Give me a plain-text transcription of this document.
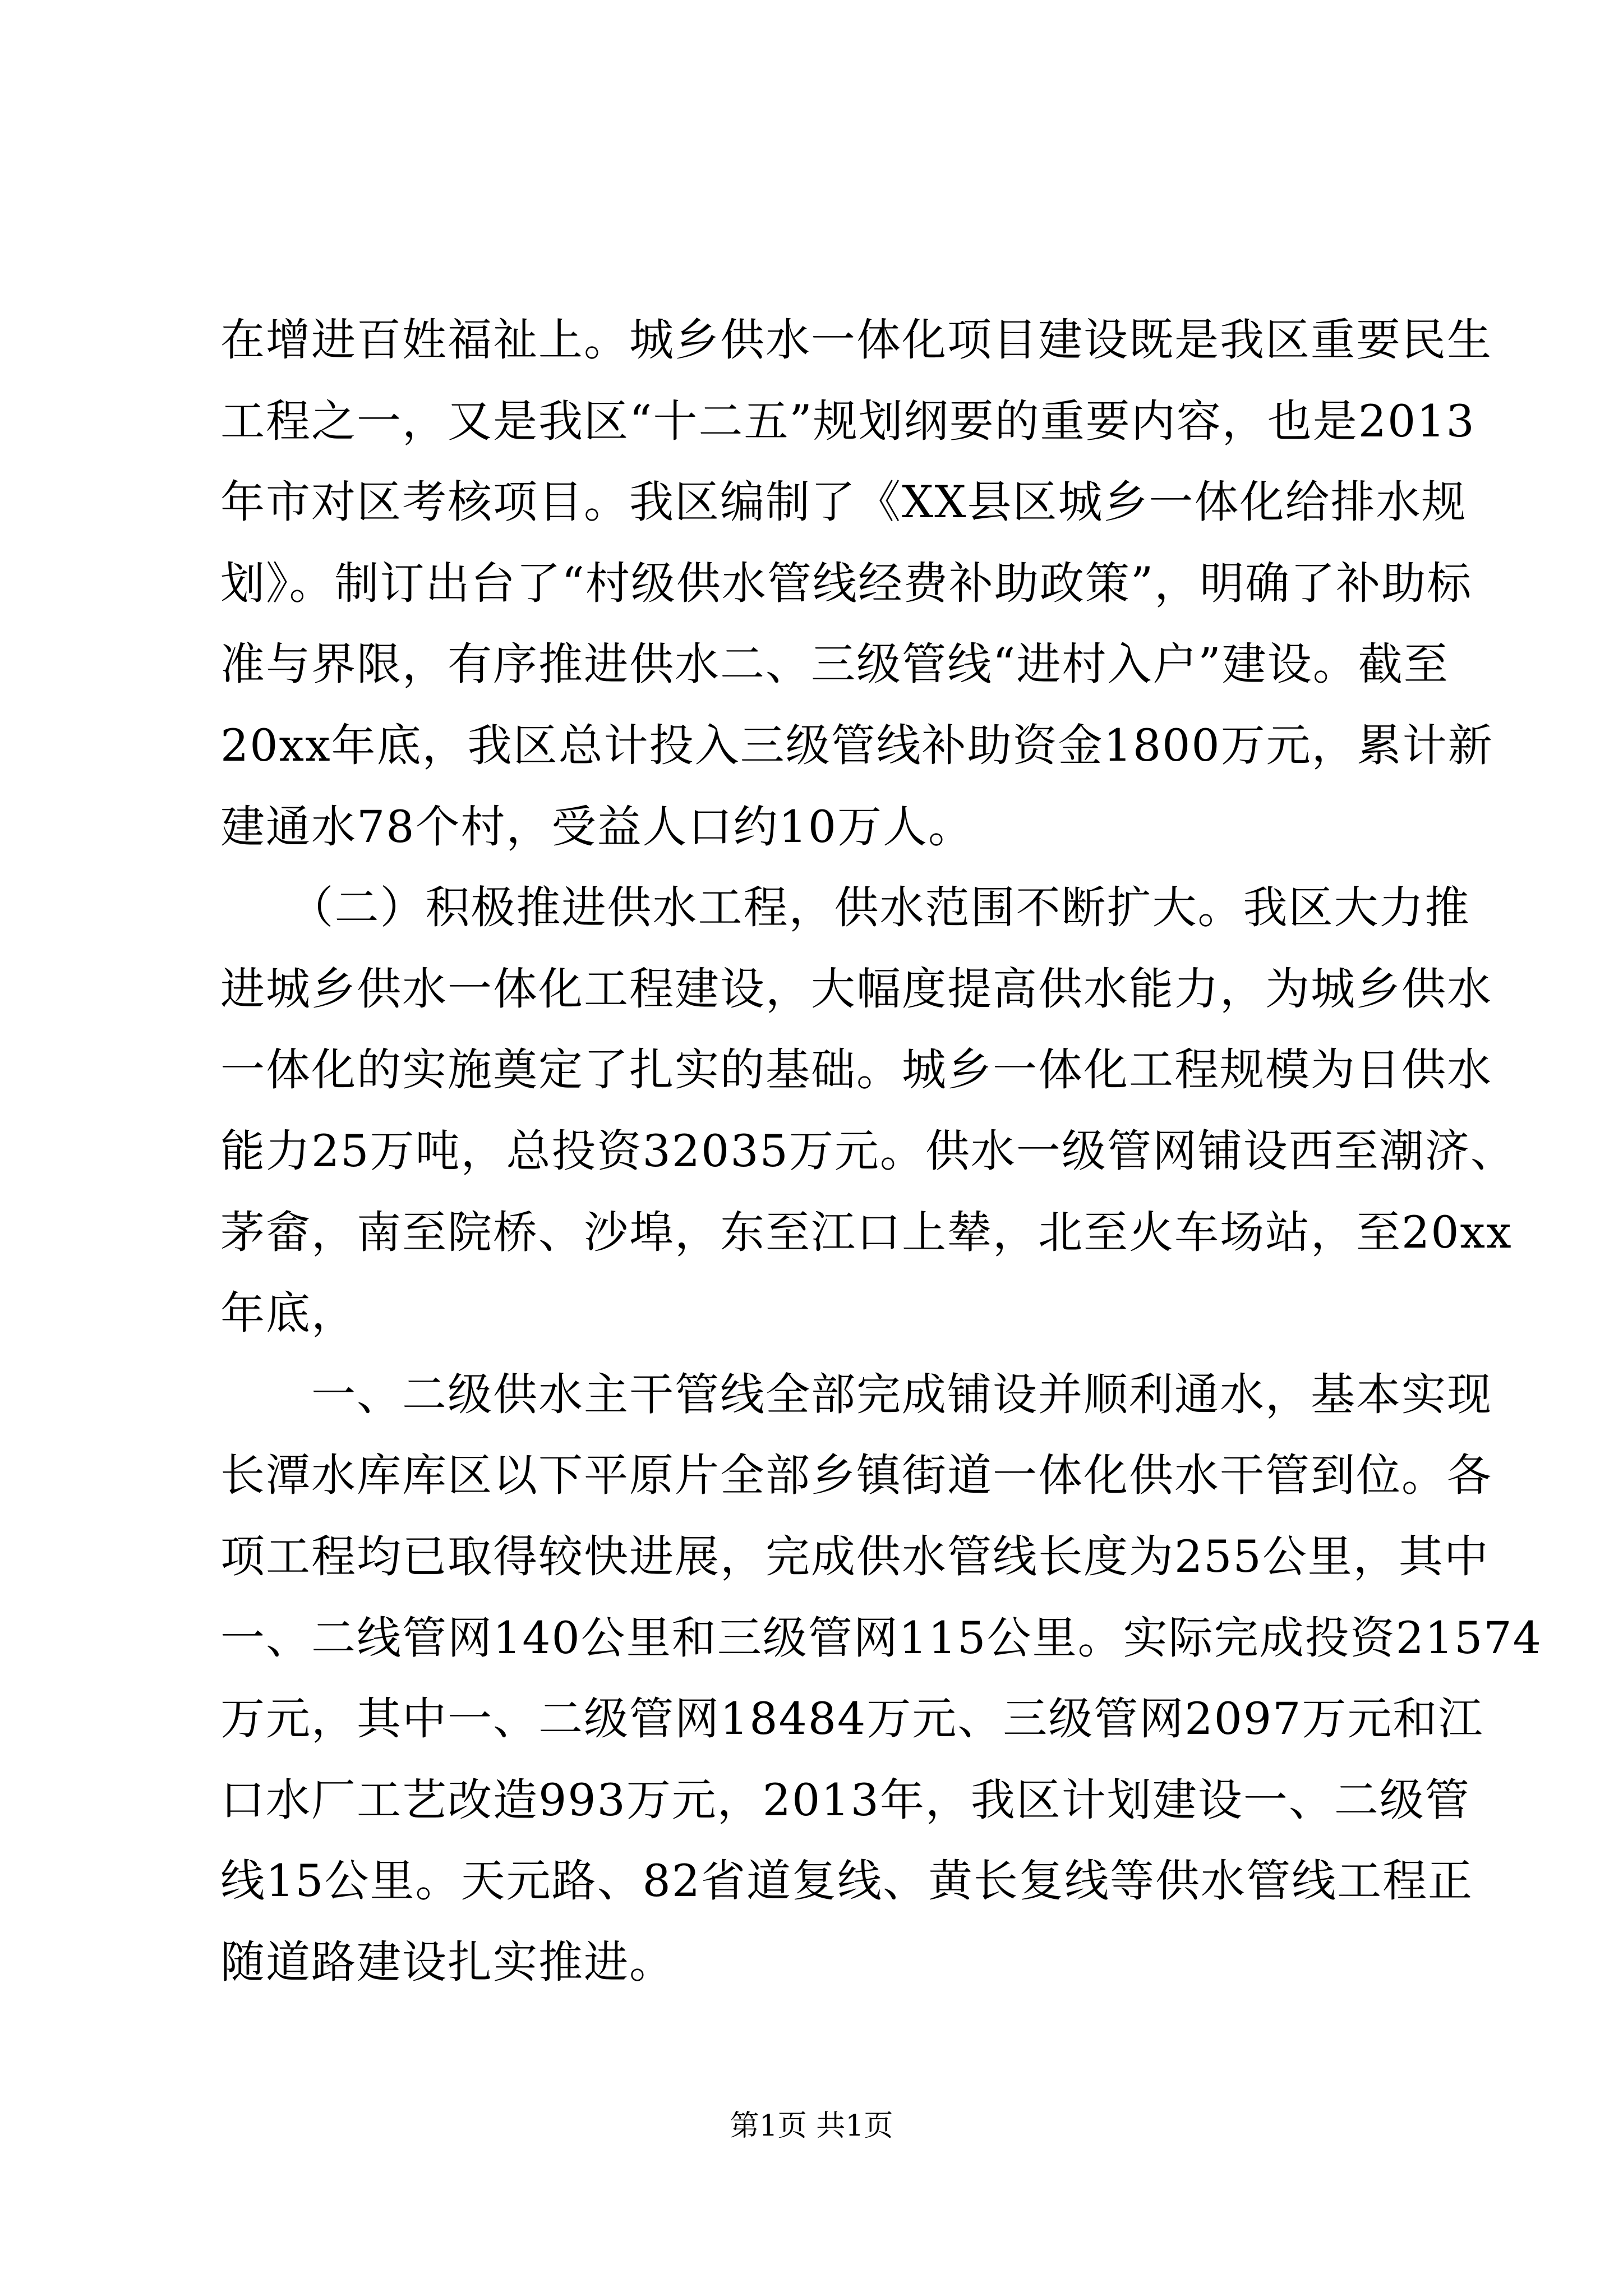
在增进百姓福祉上。城乡供水一体化项目建设既是我区重要民生
工程之一，又是我区“十二五”规划纲要的重要内容，也是2013
年市对区考核项目。我区编制了《XX县区城乡一体化给排水规
划》。制订出台了“村级供水管线经费补助政策”，明确了补助标
准与界限，有序推进供水二、三级管线“进村入户”建设。截至
20xx年底，我区总计投入三级管线补助资金1800万元，累计新
建通水78个村，受益人口约10万人。
　　（二）积极推进供水工程，供水范围不断扩大。我区大力推
进城乡供水一体化工程建设，大幅度提高供水能力，为城乡供水
一体化的实施奠定了扎实的基础。城乡一体化工程规模为日供水
能力25万吨，总投资32035万元。供水一级管网铺设西至潮济、
茅畲，南至院桥、沙埠，东至江口上辇，北至火车场站，至20xx
年底，
　　一、二级供水主干管线全部完成铺设并顺利通水，基本实现
长潭水库库区以下平原片全部乡镇街道一体化供水干管到位。各
项工程均已取得较快进展，完成供水管线长度为255公里，其中
一、二线管网140公里和三级管网115公里。实际完成投资21574
万元，其中一、二级管网18484万元、三级管网2097万元和江
口水厂工艺改造993万元，2013年，我区计划建设一、二级管
线15公里。天元路、82省道复线、黄长复线等供水管线工程正
随道路建设扎实推进。
第1页 共1页
